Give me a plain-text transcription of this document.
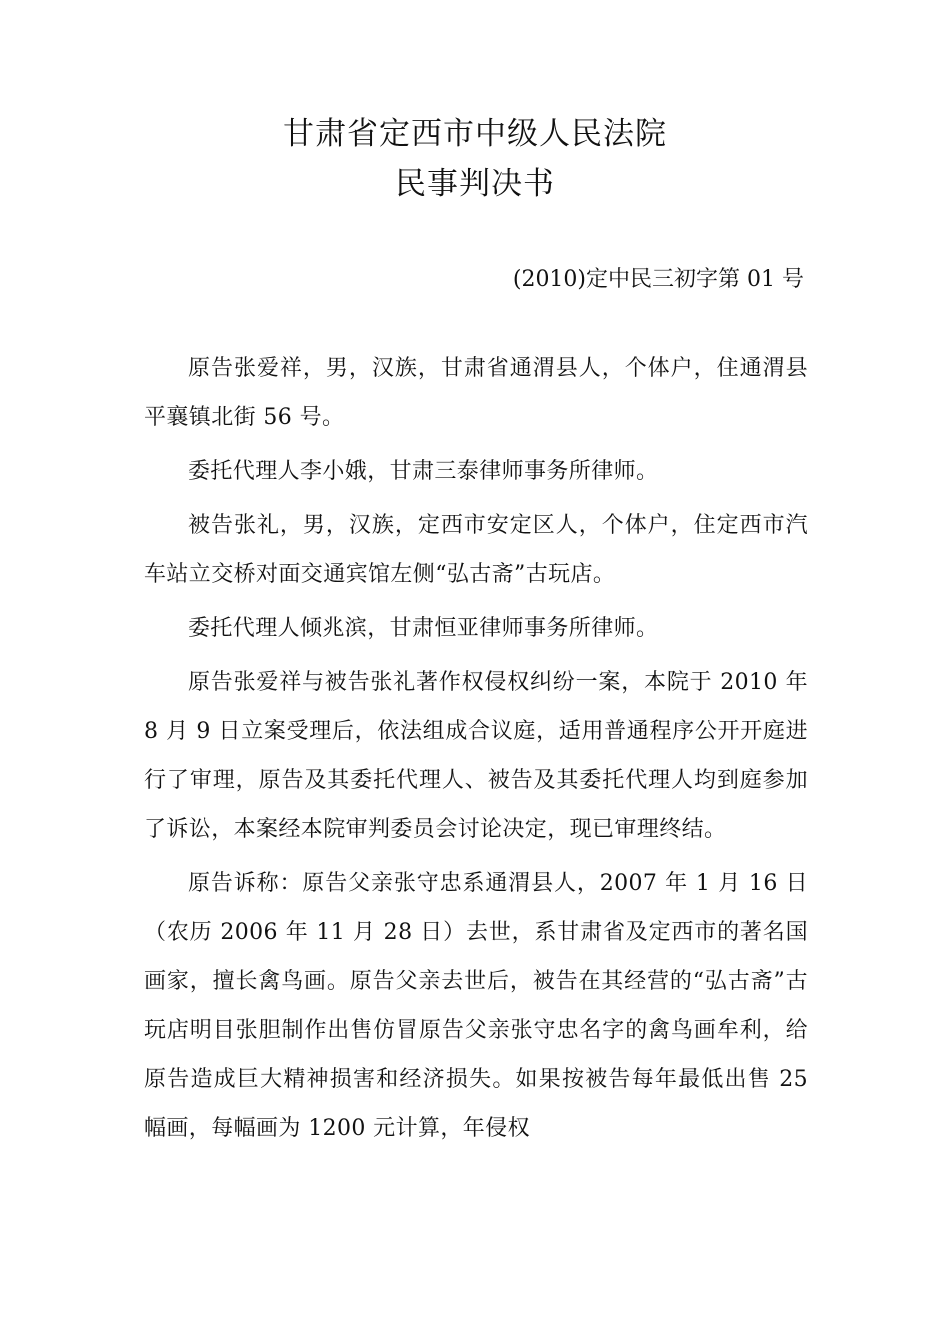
甘肃省定西市中级人民法院
民事判决书

(2010)定中民三初字第 01 号

原告张爱祥，男，汉族，甘肃省通渭县人，个体户，住通渭县平襄镇北街 56 号。

委托代理人李小娥，甘肃三泰律师事务所律师。

被告张礼，男，汉族，定西市安定区人，个体户，住定西市汽车站立交桥对面交通宾馆左侧“弘古斋”古玩店。

委托代理人倾兆滨，甘肃恒亚律师事务所律师。

原告张爱祥与被告张礼著作权侵权纠纷一案，本院于 2010 年 8 月 9 日立案受理后，依法组成合议庭，适用普通程序公开开庭进行了审理，原告及其委托代理人、被告及其委托代理人均到庭参加了诉讼，本案经本院审判委员会讨论决定，现已审理终结。

原告诉称：原告父亲张守忠系通渭县人，2007 年 1 月 16 日（农历 2006 年 11 月 28 日）去世，系甘肃省及定西市的著名国画家，擅长禽鸟画。原告父亲去世后，被告在其经营的“弘古斋”古玩店明目张胆制作出售仿冒原告父亲张守忠名字的禽鸟画牟利，给原告造成巨大精神损害和经济损失。如果按被告每年最低出售 25 幅画，每幅画为 1200 元计算，年侵权
